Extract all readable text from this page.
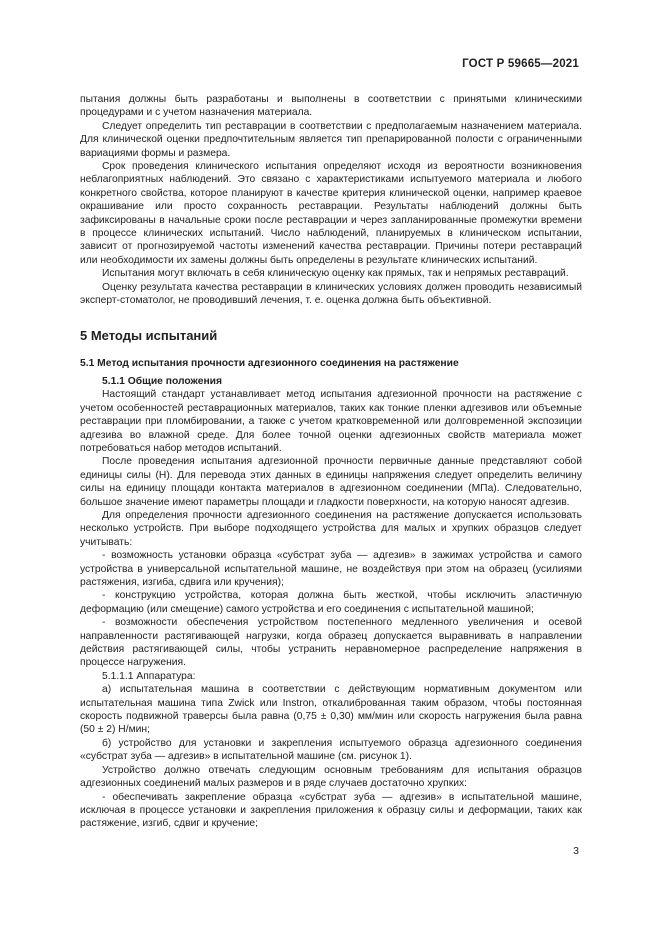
ГОСТ Р 59665—2021

пытания должны быть разработаны и выполнены в соответствии с принятыми клиническими процедурами и с учетом назначения материала.

Следует определить тип реставрации в соответствии с предполагаемым назначением материала. Для клинической оценки предпочтительным является тип препарированной полости с ограниченными вариациями формы и размера.

Срок проведения клинического испытания определяют исходя из вероятности возникновения неблагоприятных наблюдений. Это связано с характеристиками испытуемого материала и любого конкретного свойства, которое планируют в качестве критерия клинической оценки, например краевое окрашивание или просто сохранность реставрации. Результаты наблюдений должны быть зафиксированы в начальные сроки после реставрации и через запланированные промежутки времени в процессе клинических испытаний. Число наблюдений, планируемых в клиническом испытании, зависит от прогнозируемой частоты изменений качества реставрации. Причины потери реставраций или необходимости их замены должны быть определены в результате клинических испытаний.

Испытания могут включать в себя клиническую оценку как прямых, так и непрямых реставраций.

Оценку результата качества реставрации в клинических условиях должен проводить независимый эксперт-стоматолог, не проводивший лечения, т. е. оценка должна быть объективной.

5 Методы испытаний
5.1 Метод испытания прочности адгезионного соединения на растяжение
5.1.1 Общие положения

Настоящий стандарт устанавливает метод испытания адгезионной прочности на растяжение с учетом особенностей реставрационных материалов, таких как тонкие пленки адгезивов или объемные реставрации при пломбировании, а также с учетом кратковременной или долговременной экспозиции адгезива во влажной среде. Для более точной оценки адгезионных свойств материала может потребоваться набор методов испытаний.

После проведения испытания адгезионной прочности первичные данные представляют собой единицы силы (Н). Для перевода этих данных в единицы напряжения следует определить величину силы на единицу площади контакта материалов в адгезионном соединении (МПа). Следовательно, большое значение имеют параметры площади и гладкости поверхности, на которую наносят адгезив.

Для определения прочности адгезионного соединения на растяжение допускается использовать несколько устройств. При выборе подходящего устройства для малых и хрупких образцов следует учитывать:

- возможность установки образца «субстрат зуба — адгезив» в зажимах устройства и самого устройства в универсальной испытательной машине, не воздействуя при этом на образец (усилиями растяжения, изгиба, сдвига или кручения);

- конструкцию устройства, которая должна быть жесткой, чтобы исключить эластичную деформацию (или смещение) самого устройства и его соединения с испытательной машиной;

- возможности обеспечения устройством постепенного медленного увеличения и осевой направленности растягивающей нагрузки, когда образец допускается выравнивать в направлении действия растягивающей силы, чтобы устранить неравномерное распределение напряжения в процессе нагружения.

5.1.1.1 Аппаратура:

а) испытательная машина в соответствии с действующим нормативным документом или испытательная машина типа Zwick или Instron, откалиброванная таким образом, чтобы постоянная скорость подвижной траверсы была равна (0,75 ± 0,30) мм/мин или скорость нагружения была равна (50 ± 2) Н/мин;

б) устройство для установки и закрепления испытуемого образца адгезионного соединения «субстрат зуба — адгезив» в испытательной машине (см. рисунок 1).

Устройство должно отвечать следующим основным требованиям для испытания образцов адгезионных соединений малых размеров и в ряде случаев достаточно хрупких:

- обеспечивать закрепление образца «субстрат зуба — адгезив» в испытательной машине, исключая в процессе установки и закрепления приложения к образцу силы и деформации, таких как растяжение, изгиб, сдвиг и кручение;

3
